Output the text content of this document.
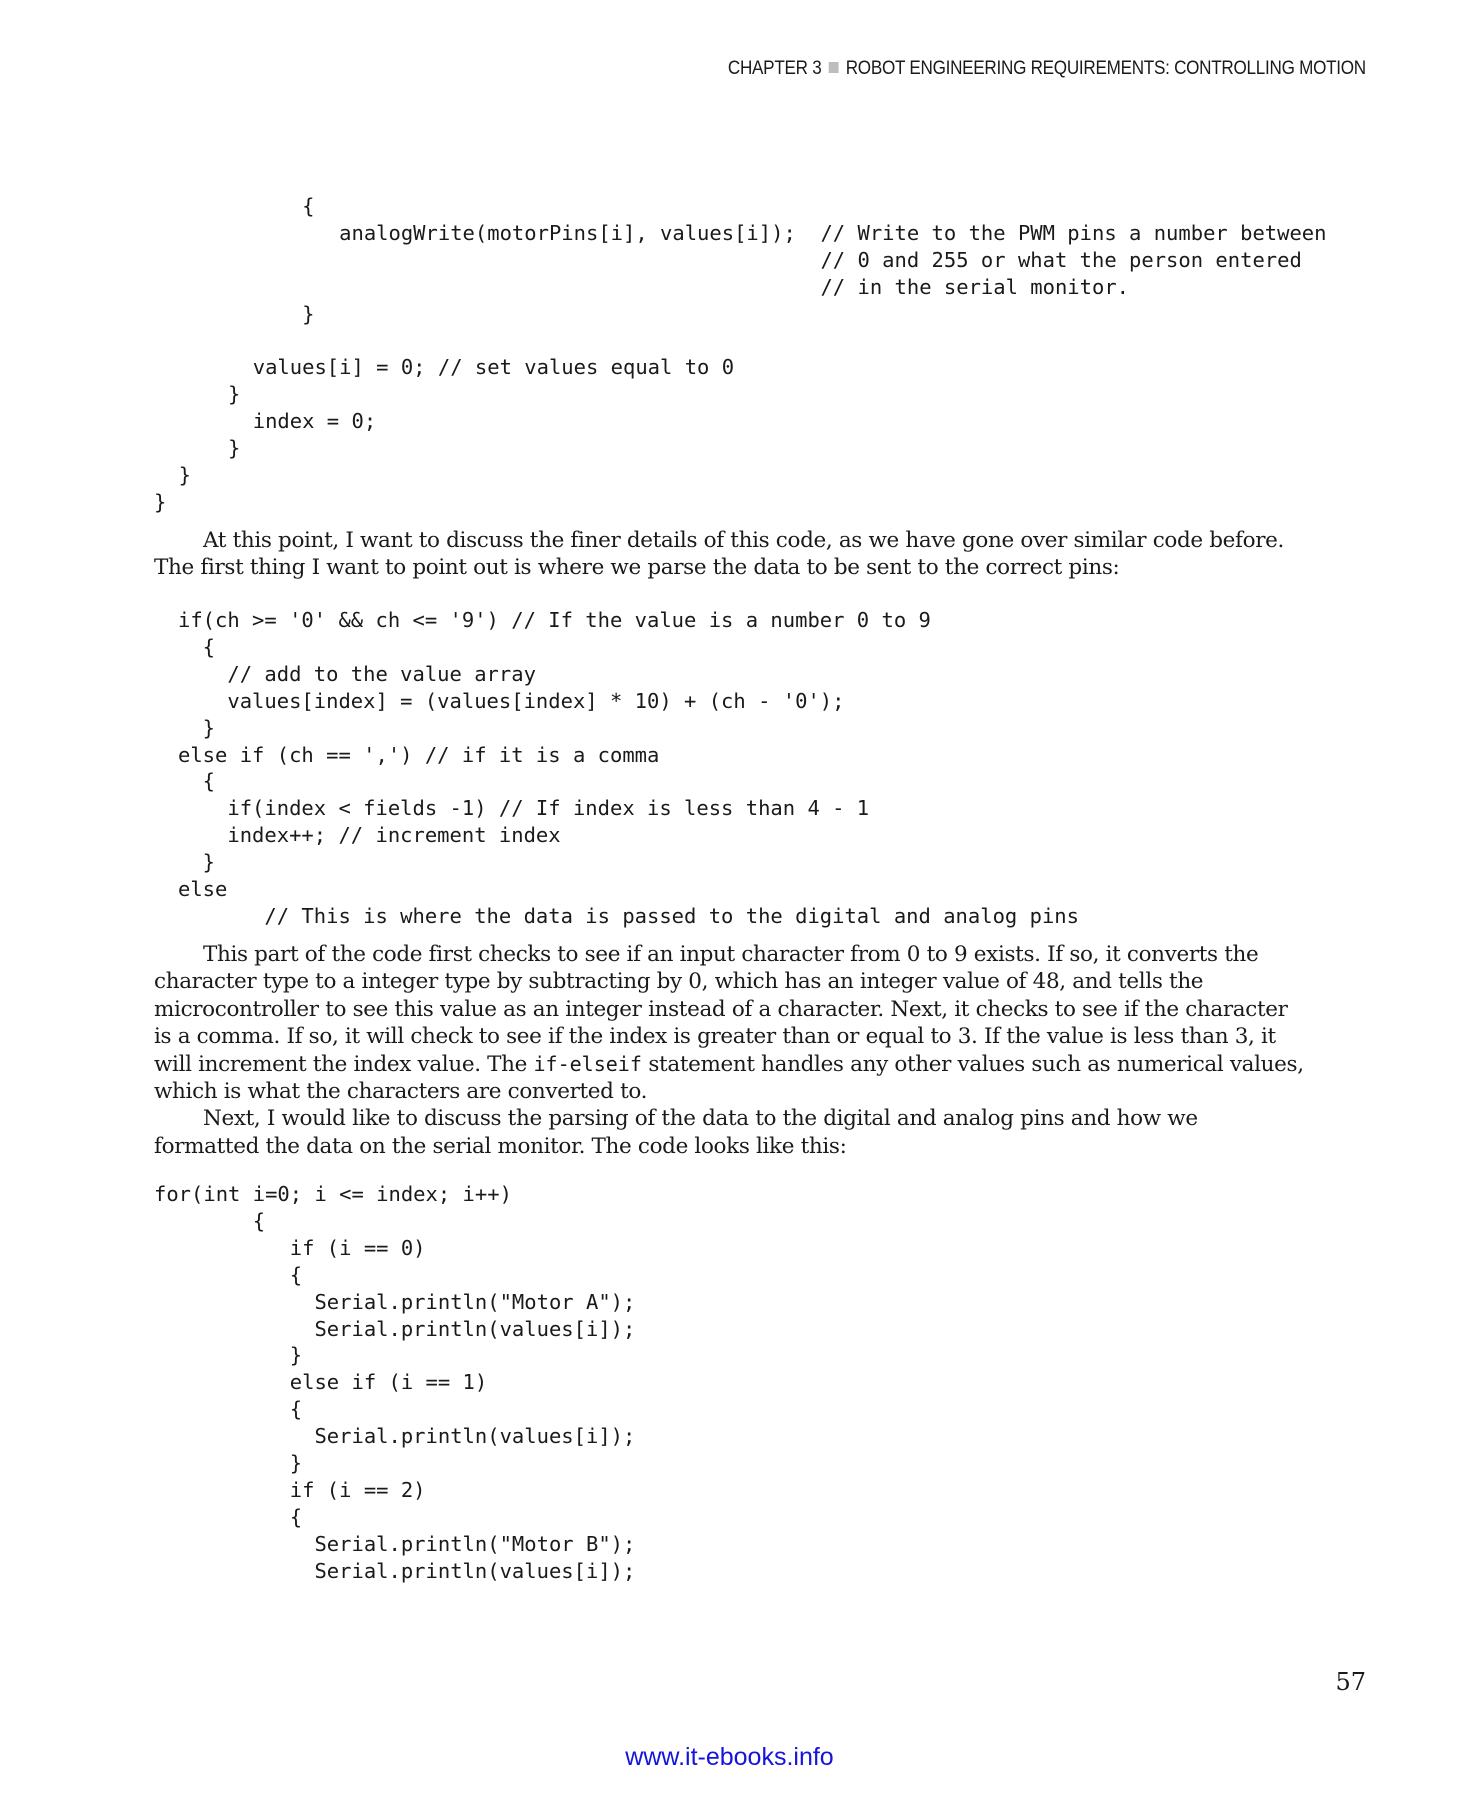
CHAPTER 3 ROBOT ENGINEERING REQUIREMENTS: CONTROLLING MOTION
{
analogWrite(motorPins[i], values[i]);  // Write to the PWM pins a number between
// 0 and 255 or what the person entered
// in the serial monitor.
}

values[i] = 0; // set values equal to 0
}
index = 0;
}
}
}

At this point, I want to discuss the finer details of this code, as we have gone over similar code before. The first thing I want to point out is where we parse the data to be sent to the correct pins:

if(ch >= '0' && ch <= '9') // If the value is a number 0 to 9
{
// add to the value array
values[index] = (values[index] * 10) + (ch - '0');
}
else if (ch == ',') // if it is a comma
{
if(index < fields -1) // If index is less than 4 - 1
index++; // increment index
}
else
// This is where the data is passed to the digital and analog pins

This part of the code first checks to see if an input character from 0 to 9 exists. If so, it converts the character type to a integer type by subtracting by 0, which has an integer value of 48, and tells the microcontroller to see this value as an integer instead of a character. Next, it checks to see if the character is a comma. If so, it will check to see if the index is greater than or equal to 3. If the value is less than 3, it will increment the index value. The if-elseif statement handles any other values such as numerical values, which is what the characters are converted to.

Next, I would like to discuss the parsing of the data to the digital and analog pins and how we formatted the data on the serial monitor. The code looks like this:

for(int i=0; i <= index; i++)
{
if (i == 0)
{
Serial.println("Motor A");
Serial.println(values[i]);
}
else if (i == 1)
{
Serial.println(values[i]);
}
if (i == 2)
{
Serial.println("Motor B");
Serial.println(values[i]);
57
www.it-ebooks.info
